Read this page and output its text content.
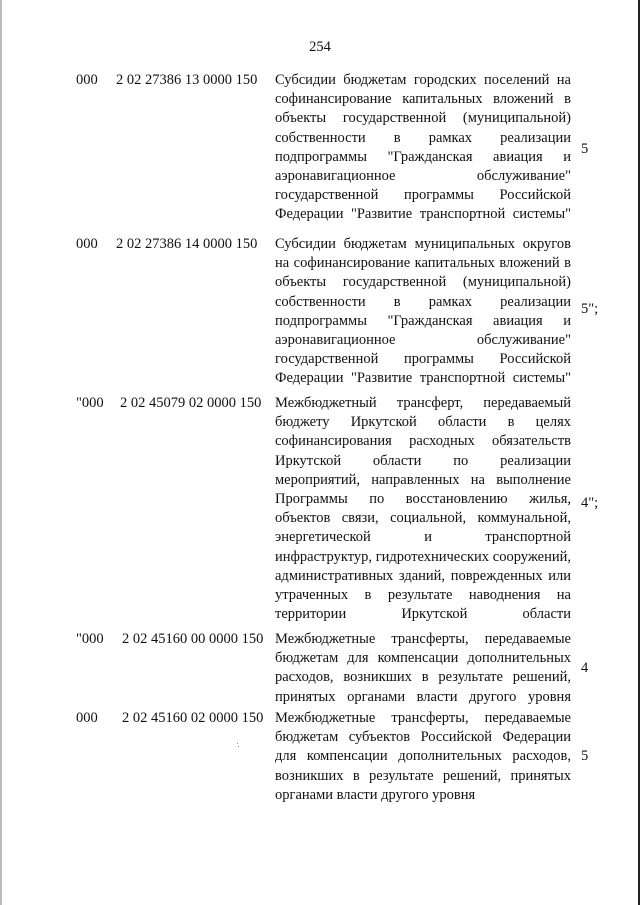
254
000 2 02 27386 13 0000 150 Субсидии бюджетам городских поселений на софинансирование капитальных вложений в объекты государственной (муниципальной) собственности в рамках реализации подпрограммы "Гражданская авиация и аэронавигационное обслуживание" государственной программы Российской Федерации "Развитие транспортной системы"
5
000 2 02 27386 14 0000 150 Субсидии бюджетам муниципальных округов на софинансирование капитальных вложений в объекты государственной (муниципальной) собственности в рамках реализации подпрограммы "Гражданская авиация и аэронавигационное обслуживание" государственной программы Российской Федерации "Развитие транспортной системы"
5";
"000 2 02 45079 02 0000 150 Межбюджетный трансферт, передаваемый бюджету Иркутской области в целях софинансирования расходных обязательств Иркутской области по реализации мероприятий, направленных на выполнение Программы по восстановлению жилья, объектов связи, социальной, коммунальной, энергетической и транспортной инфраструктур, гидротехнических сооружений, административных зданий, поврежденных или утраченных в результате наводнения на территории Иркутской области
4";
"000 2 02 45160 00 0000 150 Межбюджетные трансферты, передаваемые бюджетам для компенсации дополнительных расходов, возникших в результате решений, принятых органами власти другого уровня
4
000 2 02 45160 02 0000 150 Межбюджетные трансферты, передаваемые бюджетам субъектов Российской Федерации для компенсации дополнительных расходов, возникших в результате решений, принятых органами власти другого уровня
5
